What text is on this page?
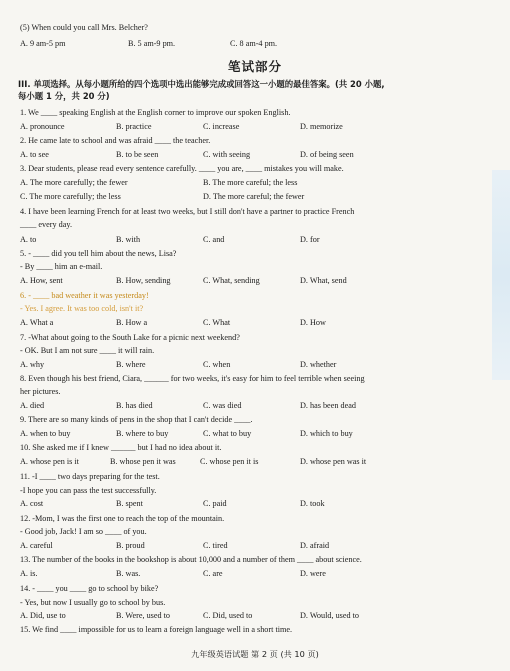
(5) When could you call Mrs. Belcher?
A. 9 am-5 pm	B. 5 am-9 pm.	C. 8 am-4 pm.
笔试部分
III. 单项选择。从每小题所给的四个选项中选出能够完成或回答这一小题的最佳答案。(共 20 小题,
每小题 1 分，共 20 分)
1. We ____ speaking English at the English corner to improve our spoken English.
A. pronounce	B. practice	C. increase	D. memorize
2. He came late to school and was afraid ____ the teacher.
A. to see	B. to be seen	C. with seeing	D. of being seen
3. Dear students, please read every sentence carefully. ____ you are, ____ mistakes you will make.
A. The more carefully; the fewer	B. The more careful; the less
C. The more carefully; the less	D. The more careful; the fewer
4. I have been learning French for at least two weeks, but I still don't have a partner to practice French
____ every day.
A. to	B. with	C. and	D. for
5. - ____ did you tell him about the news, Lisa?
- By ____ him an e-mail.
A. How, sent	B. How, sending	C. What, sending	D. What, send
6. - ____ bad weather it was yesterday!
- Yes. I agree. It was too cold, isn't it?
A. What a	B. How a	C. What	D. How
7. -What about going to the South Lake for a picnic next weekend?
- OK. But I am not sure ____ it will rain.
A. why	B. where	C. when	D. whether
8. Even though his best friend, Ciara, ______ for two weeks, it's easy for him to feel terrible when seeing
her pictures.
A. died	B. has died	C. was died	D. has been dead
9. There are so many kinds of pens in the shop that I can't decide ____.
A. when to buy	B. where to buy	C. what to buy	D. which to buy
10. She asked me if I knew ______ but I had no idea about it.
A. whose pen is it	B. whose pen it was	C. whose pen it is	D. whose pen was it
11. -I ____ two days preparing for the test.
-I hope you can pass the test successfully.
A. cost	B. spent	C. paid	D. took
12. -Mom, I was the first one to reach the top of the mountain.
- Good job, Jack! I am so ____ of you.
A. careful	B. proud	C. tired	D. afraid
13. The number of the books in the bookshop is about 10,000 and a number of them ____ about science.
A. is.	B. was.	C. are	D. were
14. - ____ you ____ go to school by bike?
- Yes, but now I usually go to school by bus.
A. Did, use to	B. Were, used to	C. Did, used to	D. Would, used to
15. We find ____ impossible for us to learn a foreign language well in a short time.
九年级英语试题 第 2 页 (共 10 页)
